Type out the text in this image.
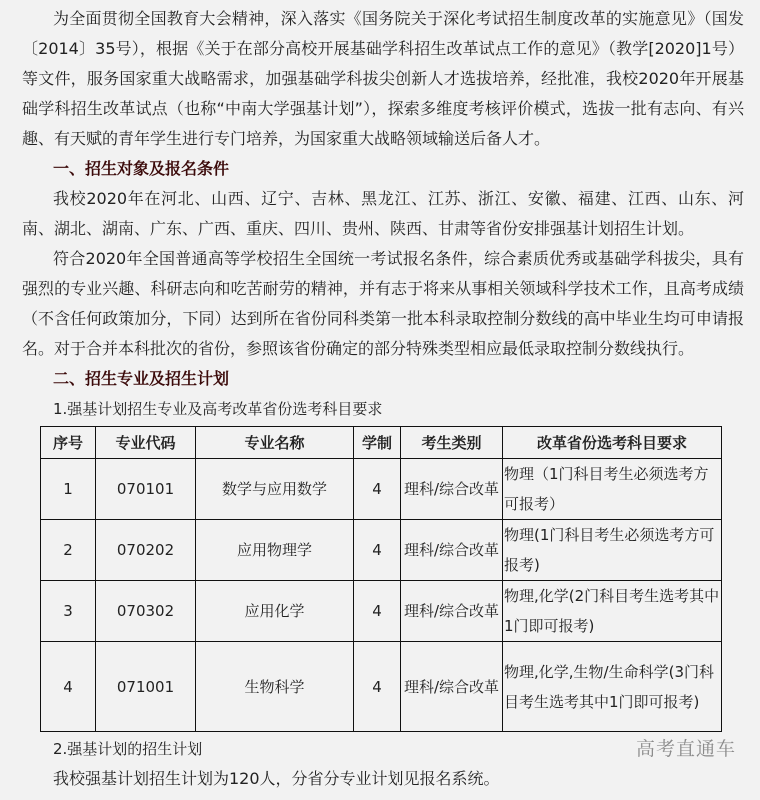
为全面贯彻全国教育大会精神，深入落实《国务院关于深化考试招生制度改革的实施意见》（国发〔2014〕35号），根据《关于在部分高校开展基础学科招生改革试点工作的意见》（教学[2020]1号）等文件，服务国家重大战略需求，加强基础学科拔尖创新人才选拔培养，经批准，我校2020年开展基础学科招生改革试点（也称“中南大学强基计划”），探索多维度考核评价模式，选拔一批有志向、有兴趣、有天赋的青年学生进行专门培养，为国家重大战略领域输送后备人才。

一、招生对象及报名条件

我校2020年在河北、山西、辽宁、吉林、黑龙江、江苏、浙江、安徽、福建、江西、山东、河南、湖北、湖南、广东、广西、重庆、四川、贵州、陕西、甘肃等省份安排强基计划招生计划。

符合2020年全国普通高等学校招生全国统一考试报名条件，综合素质优秀或基础学科拔尖，具有强烈的专业兴趣、科研志向和吃苦耐劳的精神，并有志于将来从事相关领域科学技术工作，且高考成绩（不含任何政策加分，下同）达到所在省份同科类第一批本科录取控制分数线的高中毕业生均可申请报名。对于合并本科批次的省份，参照该省份确定的部分特殊类型相应最低录取控制分数线执行。

二、招生专业及招生计划

1.强基计划招生专业及高考改革省份选考科目要求

序号	专业代码	专业名称	学制	考生类别	改革省份选考科目要求
1	070101	数学与应用数学	4	理科/综合改革	物理（1门科目考生必须选考方可报考）
2	070202	应用物理学	4	理科/综合改革	物理(1门科目考生必须选考方可报考)
3	070302	应用化学	4	理科/综合改革	物理,化学(2门科目考生选考其中1门即可报考)
4	071001	生物科学	4	理科/综合改革	物理,化学,生物/生命科学(3门科目考生选考其中1门即可报考)

2.强基计划的招生计划	高考直通车

我校强基计划招生计划为120人，分省分专业计划见报名系统。
